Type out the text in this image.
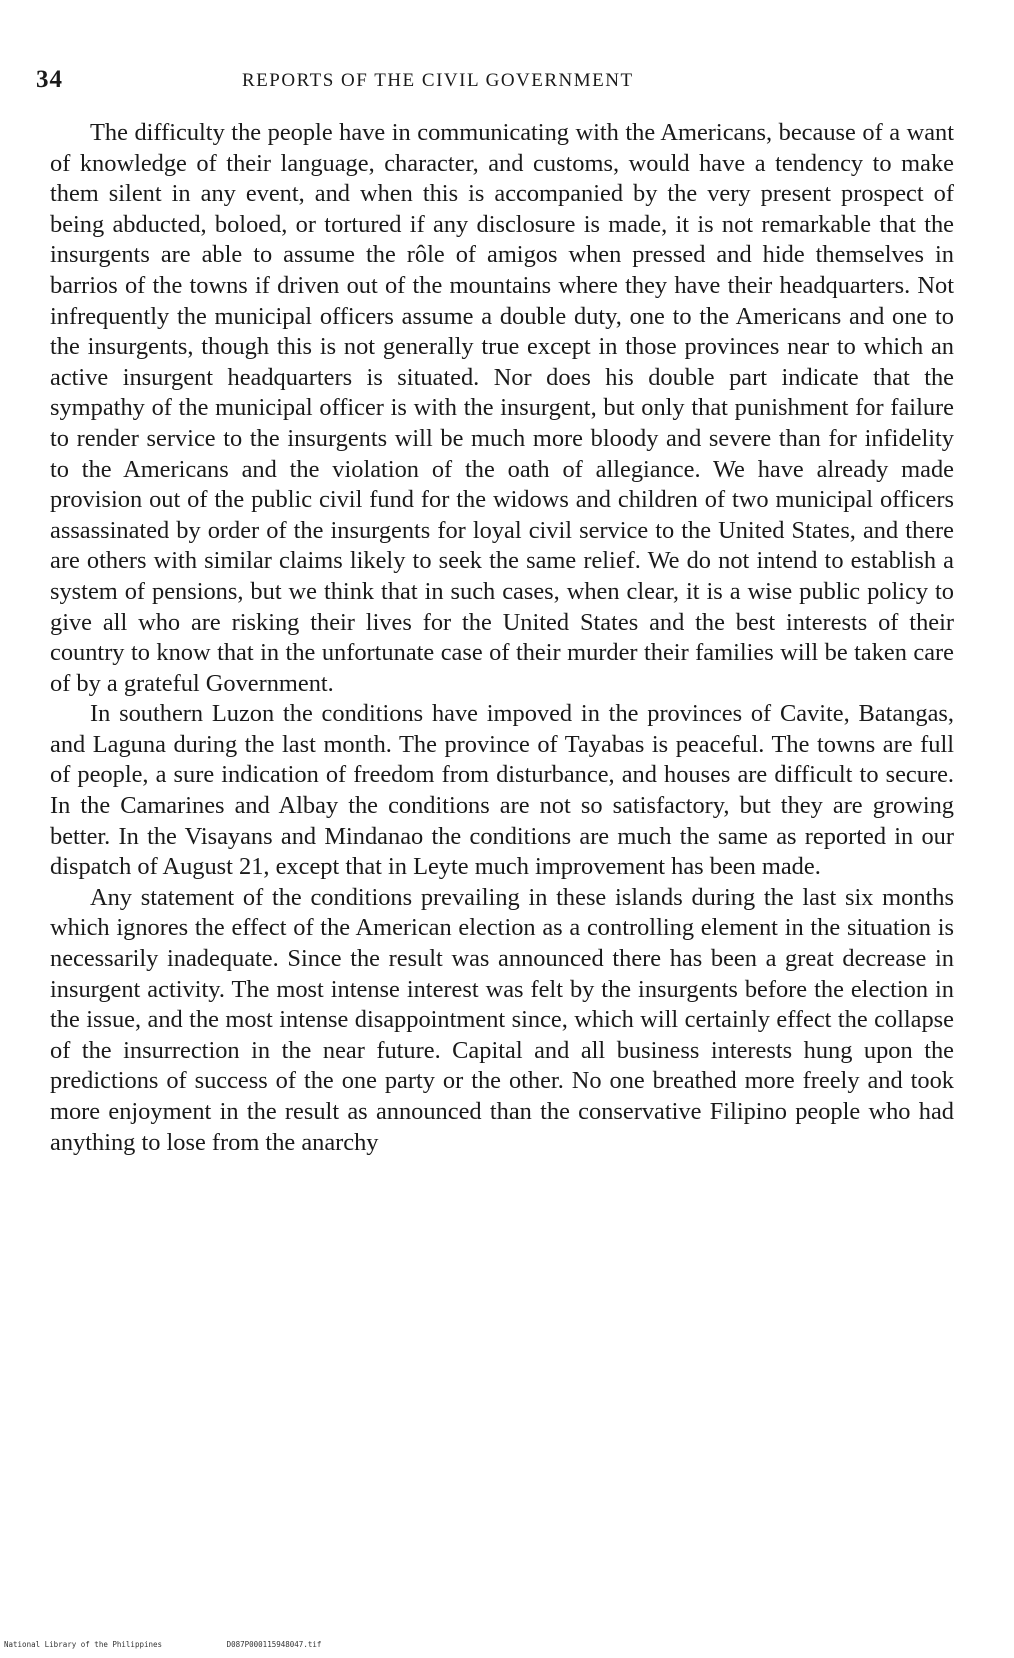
34	REPORTS OF THE CIVIL GOVERNMENT

The difficulty the people have in communicating with the Americans, because of a want of knowledge of their language, character, and customs, would have a tendency to make them silent in any event, and when this is accompanied by the very present prospect of being abducted, boloed, or tortured if any disclosure is made, it is not remarkable that the insurgents are able to assume the rôle of amigos when pressed and hide themselves in barrios of the towns if driven out of the mountains where they have their headquarters. Not infrequently the municipal officers assume a double duty, one to the Americans and one to the insurgents, though this is not generally true except in those provinces near to which an active insurgent headquarters is situated. Nor does his double part indicate that the sympathy of the municipal officer is with the insurgent, but only that punishment for failure to render service to the insurgents will be much more bloody and severe than for infidelity to the Americans and the violation of the oath of allegiance. We have already made provision out of the public civil fund for the widows and children of two municipal officers assassinated by order of the insurgents for loyal civil service to the United States, and there are others with similar claims likely to seek the same relief. We do not intend to establish a system of pensions, but we think that in such cases, when clear, it is a wise public policy to give all who are risking their lives for the United States and the best interests of their country to know that in the unfortunate case of their murder their families will be taken care of by a grateful Government.

In southern Luzon the conditions have impoved in the provinces of Cavite, Batangas, and Laguna during the last month. The province of Tayabas is peaceful. The towns are full of people, a sure indication of freedom from disturbance, and houses are difficult to secure. In the Camarines and Albay the conditions are not so satisfactory, but they are growing better. In the Visayans and Mindanao the conditions are much the same as reported in our dispatch of August 21, except that in Leyte much improvement has been made.

Any statement of the conditions prevailing in these islands during the last six months which ignores the effect of the American election as a controlling element in the situation is necessarily inadequate. Since the result was announced there has been a great decrease in insurgent activity. The most intense interest was felt by the insurgents before the election in the issue, and the most intense disappointment since, which will certainly effect the collapse of the insurrection in the near future. Capital and all business interests hung upon the predictions of success of the one party or the other. No one breathed more freely and took more enjoyment in the result as announced than the conservative Filipino people who had anything to lose from the anarchy

National Library of the Philippines	D087P000115948047.tif
